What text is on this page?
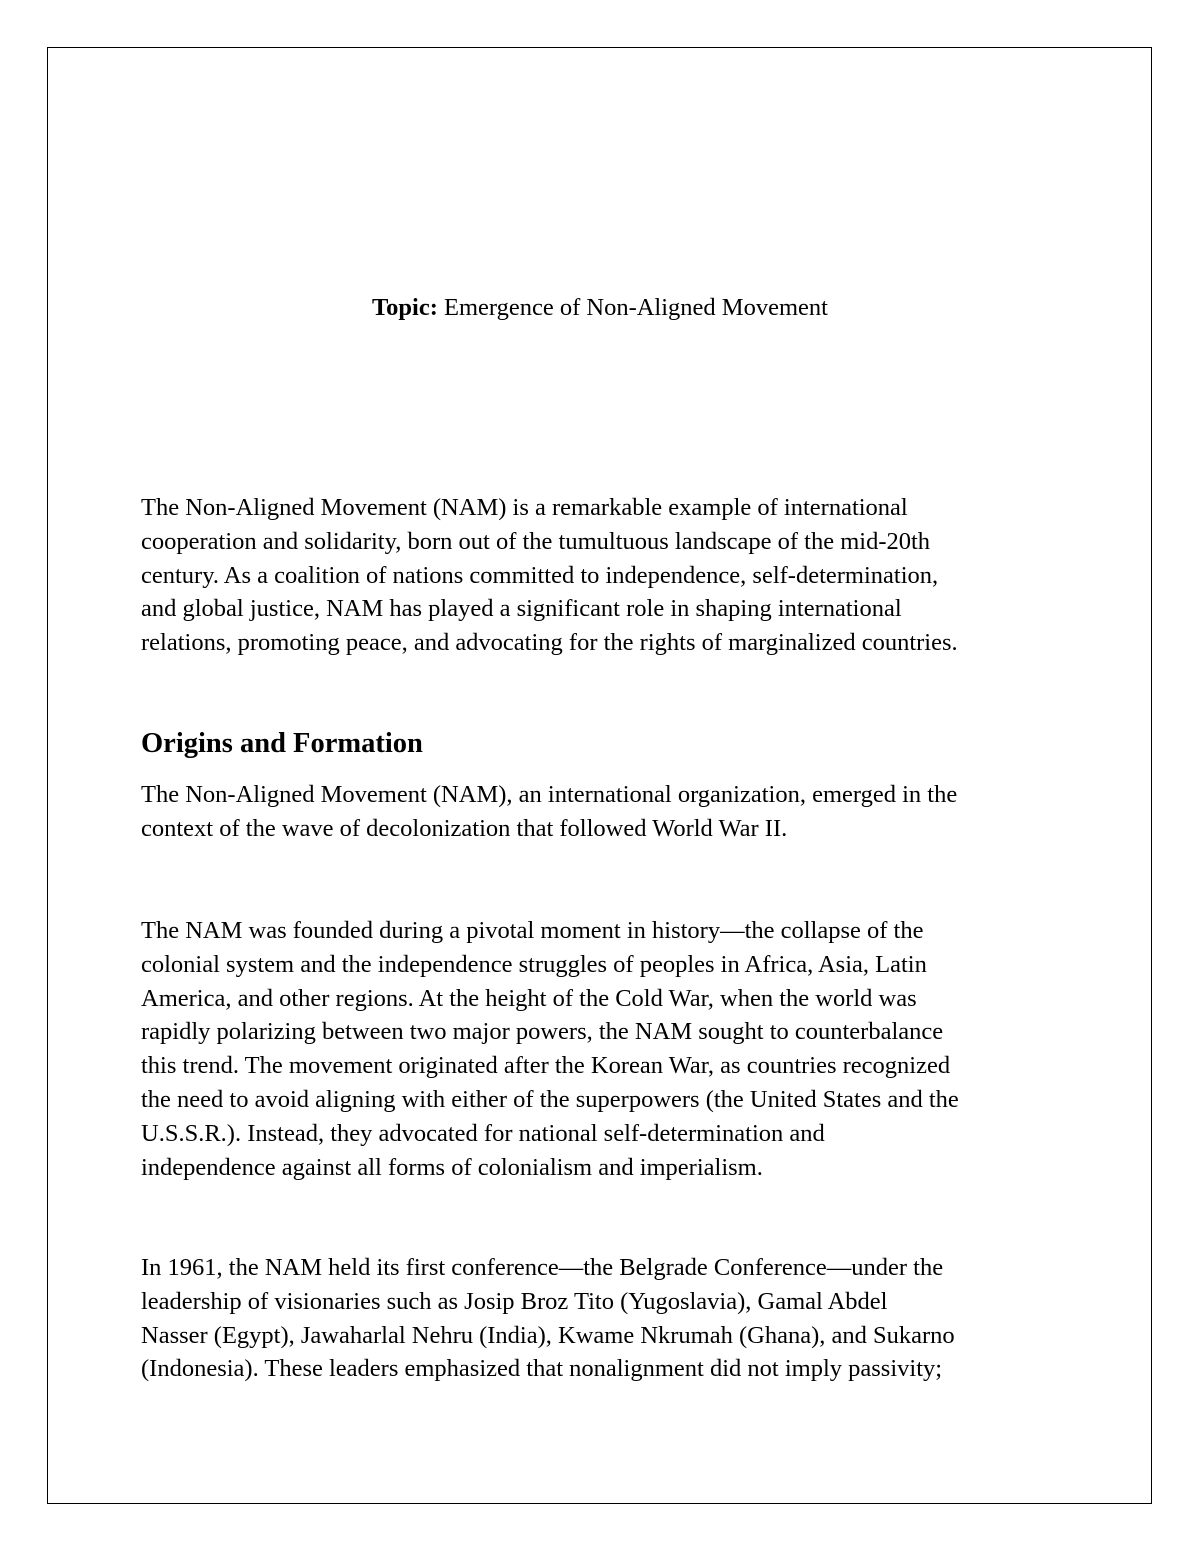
Topic: Emergence of Non-Aligned Movement
The Non-Aligned Movement (NAM) is a remarkable example of international
cooperation and solidarity, born out of the tumultuous landscape of the mid-20th
century. As a coalition of nations committed to independence, self-determination,
and global justice, NAM has played a significant role in shaping international
relations, promoting peace, and advocating for the rights of marginalized countries.
Origins and Formation
The Non-Aligned Movement (NAM), an international organization, emerged in the
context of the wave of decolonization that followed World War II.
The NAM was founded during a pivotal moment in history—the collapse of the
colonial system and the independence struggles of peoples in Africa, Asia, Latin
America, and other regions. At the height of the Cold War, when the world was
rapidly polarizing between two major powers, the NAM sought to counterbalance
this trend. The movement originated after the Korean War, as countries recognized
the need to avoid aligning with either of the superpowers (the United States and the
U.S.S.R.). Instead, they advocated for national self-determination and
independence against all forms of colonialism and imperialism.
In 1961, the NAM held its first conference—the Belgrade Conference—under the
leadership of visionaries such as Josip Broz Tito (Yugoslavia), Gamal Abdel
Nasser (Egypt), Jawaharlal Nehru (India), Kwame Nkrumah (Ghana), and Sukarno
(Indonesia). These leaders emphasized that nonalignment did not imply passivity;
